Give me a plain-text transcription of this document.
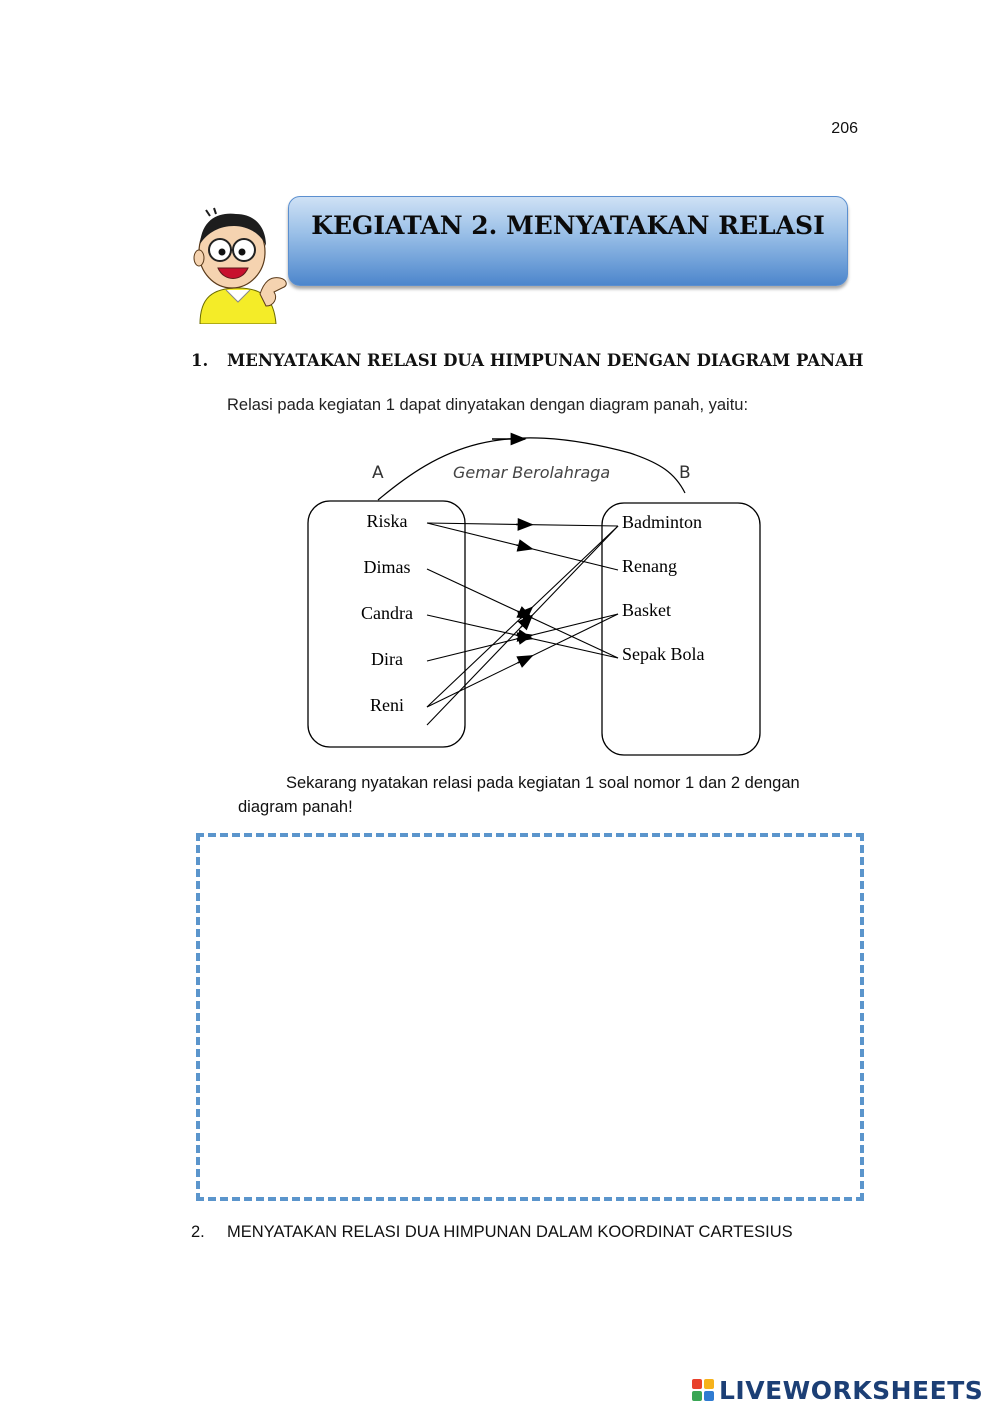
206
KEGIATAN 2. MENYATAKAN RELASI
1. MENYATAKAN RELASI DUA HIMPUNAN DENGAN DIAGRAM PANAH
Relasi pada kegiatan 1 dapat dinyatakan dengan diagram panah, yaitu:
A	Gemar Berolahraga	B
Riska
Dimas
Candra
Dira
Reni
Badminton
Renang
Basket
Sepak Bola
Sekarang nyatakan relasi pada kegiatan 1 soal nomor 1 dan 2 dengan diagram panah!
2. MENYATAKAN RELASI DUA HIMPUNAN DALAM KOORDINAT CARTESIUS
LIVEWORKSHEETS
